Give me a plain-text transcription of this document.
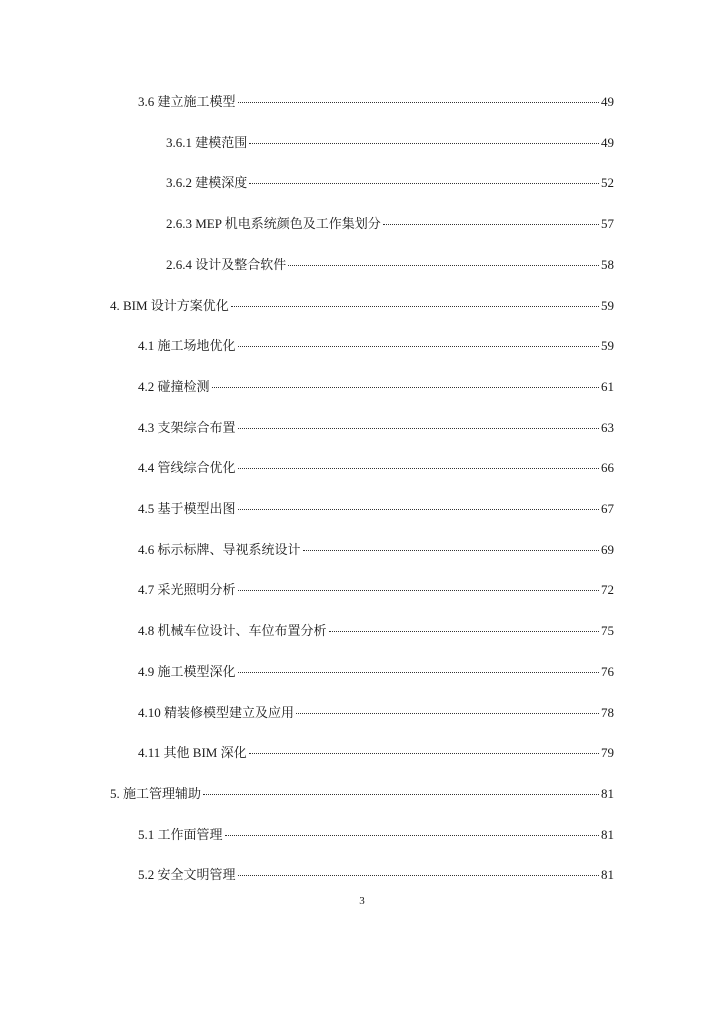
3.6 建立施工模型	49
3.6.1 建模范围	49
3.6.2 建模深度	52
2.6.3 MEP 机电系统颜色及工作集划分	57
2.6.4 设计及整合软件	58
4. BIM 设计方案优化	59
4.1 施工场地优化	59
4.2 碰撞检测	61
4.3 支架综合布置	63
4.4 管线综合优化	66
4.5 基于模型出图	67
4.6 标示标牌、导视系统设计	69
4.7 采光照明分析	72
4.8 机械车位设计、车位布置分析	75
4.9 施工模型深化	76
4.10 精装修模型建立及应用	78
4.11 其他 BIM 深化	79
5. 施工管理辅助	81
5.1 工作面管理	81
5.2 安全文明管理	81
3
